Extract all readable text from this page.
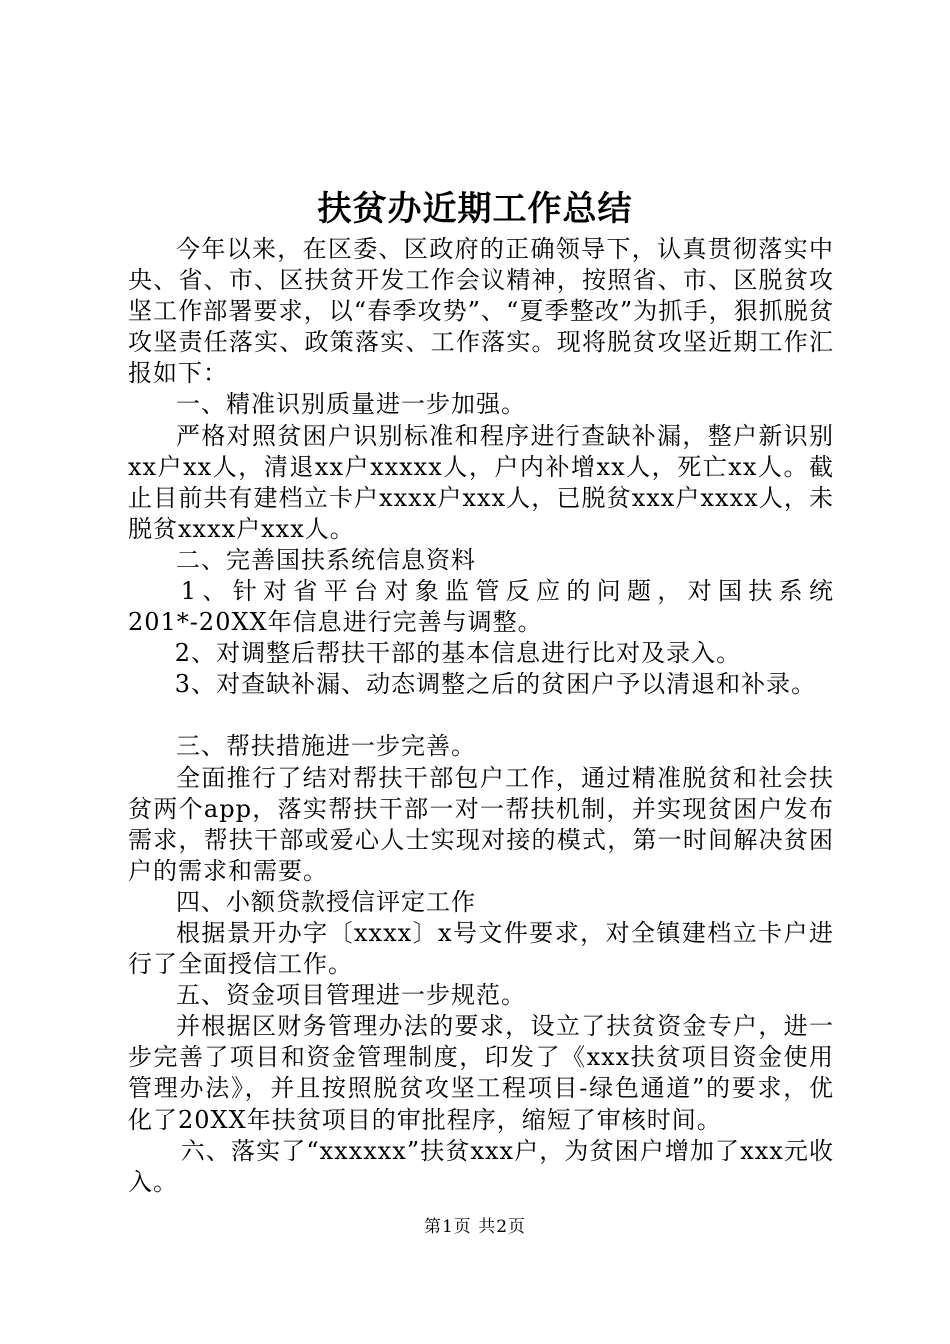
扶贫办近期工作总结

今年以来，在区委、区政府的正确领导下，认真贯彻落实中央、省、市、区扶贫开发工作会议精神，按照省、市、区脱贫攻坚工作部署要求，以“春季攻势”、“夏季整改”为抓手，狠抓脱贫攻坚责任落实、政策落实、工作落实。现将脱贫攻坚近期工作汇报如下：

一、精准识别质量进一步加强。

严格对照贫困户识别标准和程序进行查缺补漏，整户新识别xx户xx人，清退xx户xxxxx人，户内补增xx人，死亡xx人。截止目前共有建档立卡户xxxx户xxx人，已脱贫xxx户xxxx人，未脱贫xxxx户xxx人。

二、完善国扶系统信息资料

1、针对省平台对象监管反应的问题，对国扶系统201*-20XX年信息进行完善与调整。

2、对调整后帮扶干部的基本信息进行比对及录入。

3、对查缺补漏、动态调整之后的贫困户予以清退和补录。

三、帮扶措施进一步完善。

全面推行了结对帮扶干部包户工作，通过精准脱贫和社会扶贫两个app，落实帮扶干部一对一帮扶机制，并实现贫困户发布需求，帮扶干部或爱心人士实现对接的模式，第一时间解决贫困户的需求和需要。

四、小额贷款授信评定工作

根据景开办字〔xxxx〕x号文件要求，对全镇建档立卡户进行了全面授信工作。

五、资金项目管理进一步规范。

并根据区财务管理办法的要求，设立了扶贫资金专户，进一步完善了项目和资金管理制度，印发了《xxx扶贫项目资金使用管理办法》，并且按照脱贫攻坚工程项目-绿色通道”的要求，优化了20XX年扶贫项目的审批程序，缩短了审核时间。

六、落实了“xxxxxx”扶贫xxx户，为贫困户增加了xxx元收入。

第1页 共2页
